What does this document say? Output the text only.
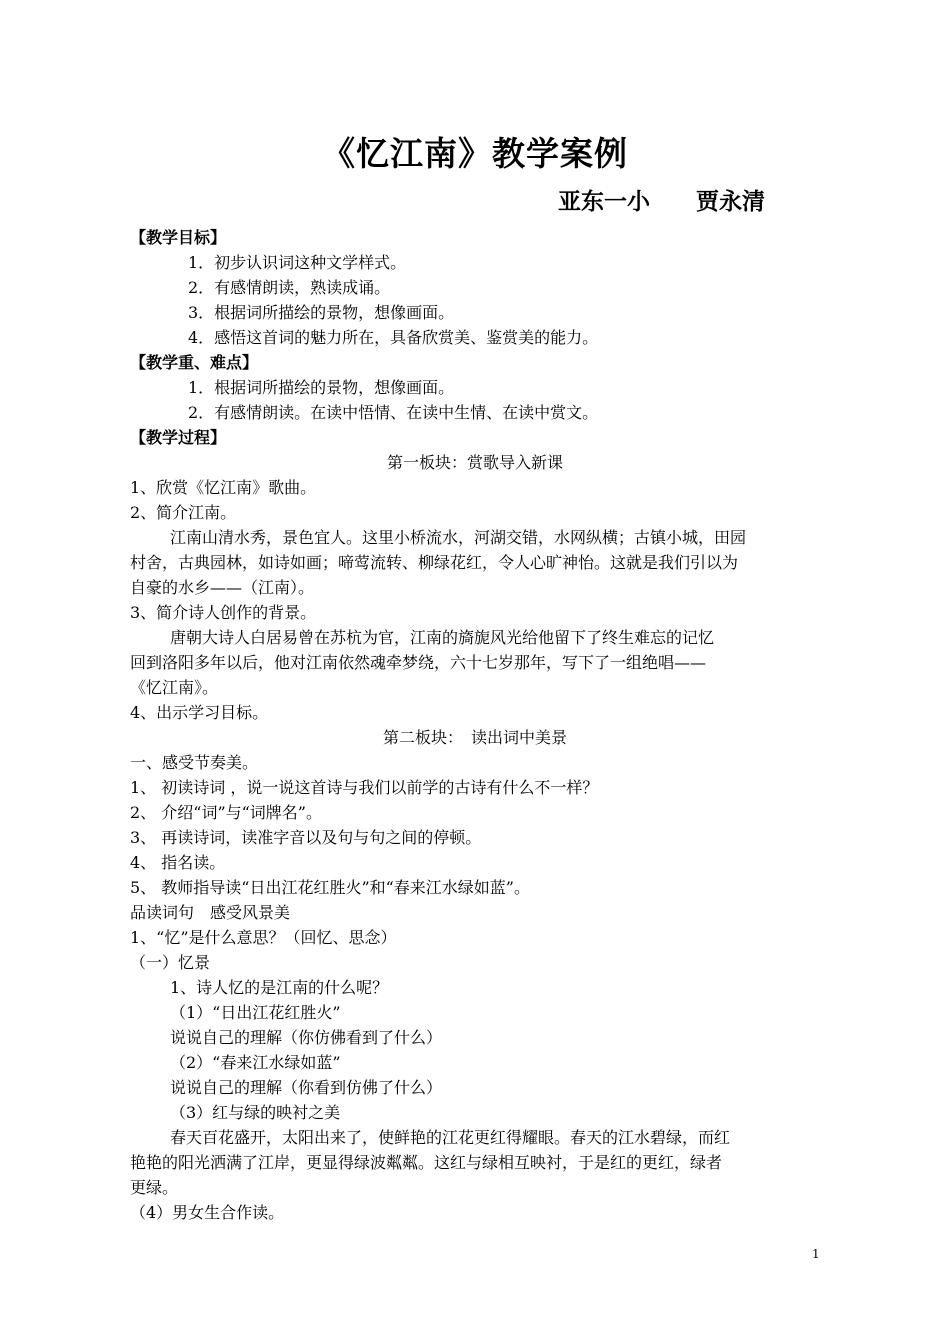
《忆江南》教学案例
亚东一小　　贾永清
【教学目标】
1．初步认识词这种文学样式。
2．有感情朗读，熟读成诵。
3．根据词所描绘的景物，想像画面。
4．感悟这首词的魅力所在，具备欣赏美、鉴赏美的能力。
【教学重、难点】
1．根据词所描绘的景物，想像画面。
2．有感情朗读。在读中悟情、在读中生情、在读中赏文。
【教学过程】
第一板块：赏歌导入新课
1、欣赏《忆江南》歌曲。
2、简介江南。
江南山清水秀，景色宜人。这里小桥流水，河湖交错，水网纵横；古镇小城，田园
村舍，古典园林，如诗如画；啼莺流转、柳绿花红，令人心旷神怡。这就是我们引以为
自豪的水乡——（江南）。
3、简介诗人创作的背景。
唐朝大诗人白居易曾在苏杭为官，江南的旖旎风光给他留下了终生难忘的记忆
回到洛阳多年以后，他对江南依然魂牵梦绕，六十七岁那年，写下了一组绝唱——
《忆江南》。
4、出示学习目标。
第二板块：　读出词中美景
一、感受节奏美。
1、 初读诗词 ，说一说这首诗与我们以前学的古诗有什么不一样？
2、 介绍“词”与“词牌名”。
3、 再读诗词，读准字音以及句与句之间的停顿。
4、 指名读。
5、 教师指导读“日出江花红胜火”和“春来江水绿如蓝”。
品读词句　感受风景美
1、“忆”是什么意思？（回忆、思念）
（一）忆景
1、诗人忆的是江南的什么呢？
（1）“日出江花红胜火”
说说自己的理解（你仿佛看到了什么）
（2）“春来江水绿如蓝”
说说自己的理解（你看到仿佛了什么）
（3）红与绿的映衬之美
春天百花盛开，太阳出来了，使鲜艳的江花更红得耀眼。春天的江水碧绿，而红
艳艳的阳光洒满了江岸，更显得绿波粼粼。这红与绿相互映衬，于是红的更红，绿者
更绿。
（4）男女生合作读。
1
